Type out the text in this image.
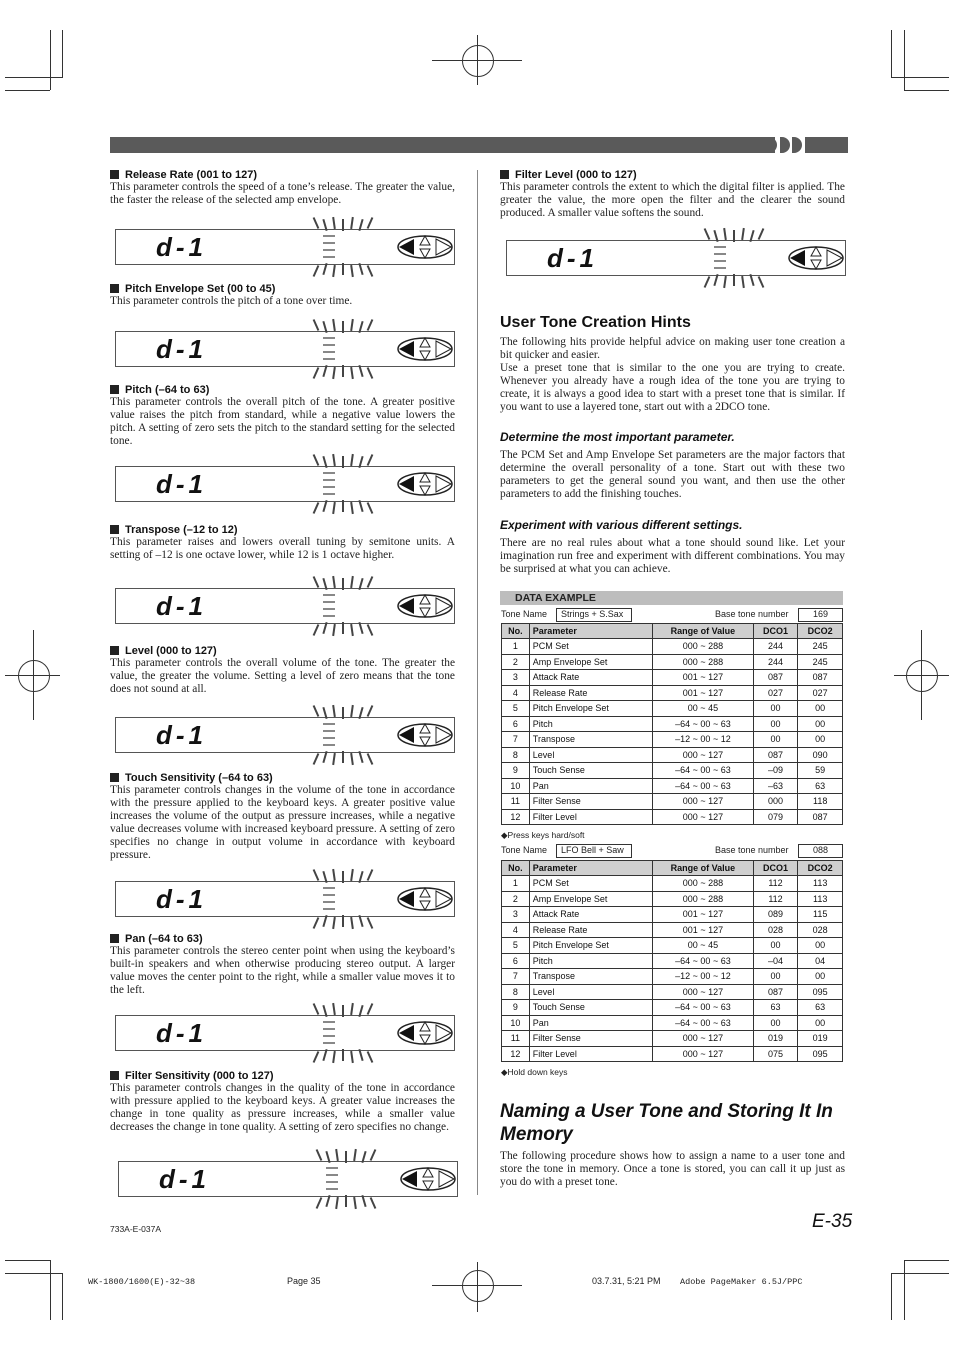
Filter Level (000 to 127)
This parameter controls the extent to which the digital filter is applied. The greater the value, the more open the filter and the clearer the sound produced. A smaller value softens the sound.
User Tone Creation Hints
The following hits provide helpful advice on making user tone creation a bit quicker and easier.
Use a preset tone that is similar to the one you are trying to create. Whenever you already have a rough idea of the tone you are trying to create, it is always a good idea to start with a preset tone that is similar. If you want to use a layered tone, start out with a 2DCO tone.
Determine the most important parameter.
The PCM Set and Amp Envelope Set parameters are the major factors that determine the overall personality of a tone. Start out with these two parameters to get the general sound you want, and then use the other parameters to add the finishing touches.
Experiment with various different settings.
There are no real rules about what a tone should sound like. Let your imagination run free and experiment with different combinations. You may be surprised at what you can achieve.
DATA EXAMPLE
Tone Name	Strings + S.Sax	Base tone number	169
No.	Parameter	Range of Value	DCO1	DCO2
1	PCM Set	000 ~ 288	244	245
2	Amp Envelope Set	000 ~ 288	244	245
3	Attack Rate	001 ~ 127	087	087
4	Release Rate	001 ~ 127	027	027
5	Pitch Envelope Set	00 ~ 45	00	00
6	Pitch	–64 ~ 00 ~ 63	00	00
7	Transpose	–12 ~ 00 ~ 12	00	00
8	Level	000 ~ 127	087	090
9	Touch Sense	–64 ~ 00 ~ 63	–09	59
10	Pan	–64 ~ 00 ~ 63	–63	63
11	Filter Sense	000 ~ 127	000	118
12	Filter Level	000 ~ 127	079	087
◆Press keys hard/soft
Tone Name	LFO Bell + Saw	Base tone number	088
No.	Parameter	Range of Value	DCO1	DCO2
1	PCM Set	000 ~ 288	112	113
2	Amp Envelope Set	000 ~ 288	112	113
3	Attack Rate	001 ~ 127	089	115
4	Release Rate	001 ~ 127	028	028
5	Pitch Envelope Set	00 ~ 45	00	00
6	Pitch	–64 ~ 00 ~ 63	–04	04
7	Transpose	–12 ~ 00 ~ 12	00	00
8	Level	000 ~ 127	087	095
9	Touch Sense	–64 ~ 00 ~ 63	63	63
10	Pan	–64 ~ 00 ~ 63	00	00
11	Filter Sense	000 ~ 127	019	019
12	Filter Level	000 ~ 127	075	095
◆Hold down keys
Naming a User Tone and Storing It In Memory
The following procedure shows how to assign a name to a user tone and store the tone in memory. Once a tone is stored, you can call it up just as you do with a preset tone.
733A-E-037A	E-35
WK-1800/1600(E)-32~38	Page 35	03.7.31, 5:21 PM Adobe PageMaker 6.5J/PPC
Release Rate (001 to 127)
This parameter controls the speed of a tone’s release. The greater the value, the faster the release of the selected amp envelope.
d-1
Pitch Envelope Set (00 to 45)
This parameter controls the pitch of a tone over time.
d-1
Pitch (–64 to 63)
This parameter controls the overall pitch of the tone. A greater positive value raises the pitch from standard, while a negative value lowers the pitch. A setting of zero sets the pitch to the standard setting for the selected tone.
d-1
Transpose (–12 to 12)
This parameter raises and lowers overall tuning by semitone units. A setting of –12 is one octave lower, while 12 is 1 octave higher.
d-1
Level (000 to 127)
This parameter controls the overall volume of the tone. The greater the value, the greater the volume. Setting a level of zero means that the tone does not sound at all.
d-1
Touch Sensitivity (–64 to 63)
This parameter controls changes in the volume of the tone in accordance with the pressure applied to the keyboard keys. A greater positive value increases the volume of the output as pressure increases, while a negative value decreases volume with increased keyboard pressure. A setting of zero specifies no change in output volume in accordance with keyboard pressure.
d-1
Pan (–64 to 63)
This parameter controls the stereo center point when using the keyboard’s built-in speakers and when otherwise producing stereo output. A larger value moves the center point to the right, while a smaller value moves it to the left.
d-1
Filter Sensitivity (000 to 127)
This parameter controls changes in the quality of the tone in accordance with pressure applied to the keyboard keys. A greater value increases the change in tone quality as pressure increases, while a smaller value decreases the change in tone quality. A setting of zero specifies no change.
d-1
d-1
